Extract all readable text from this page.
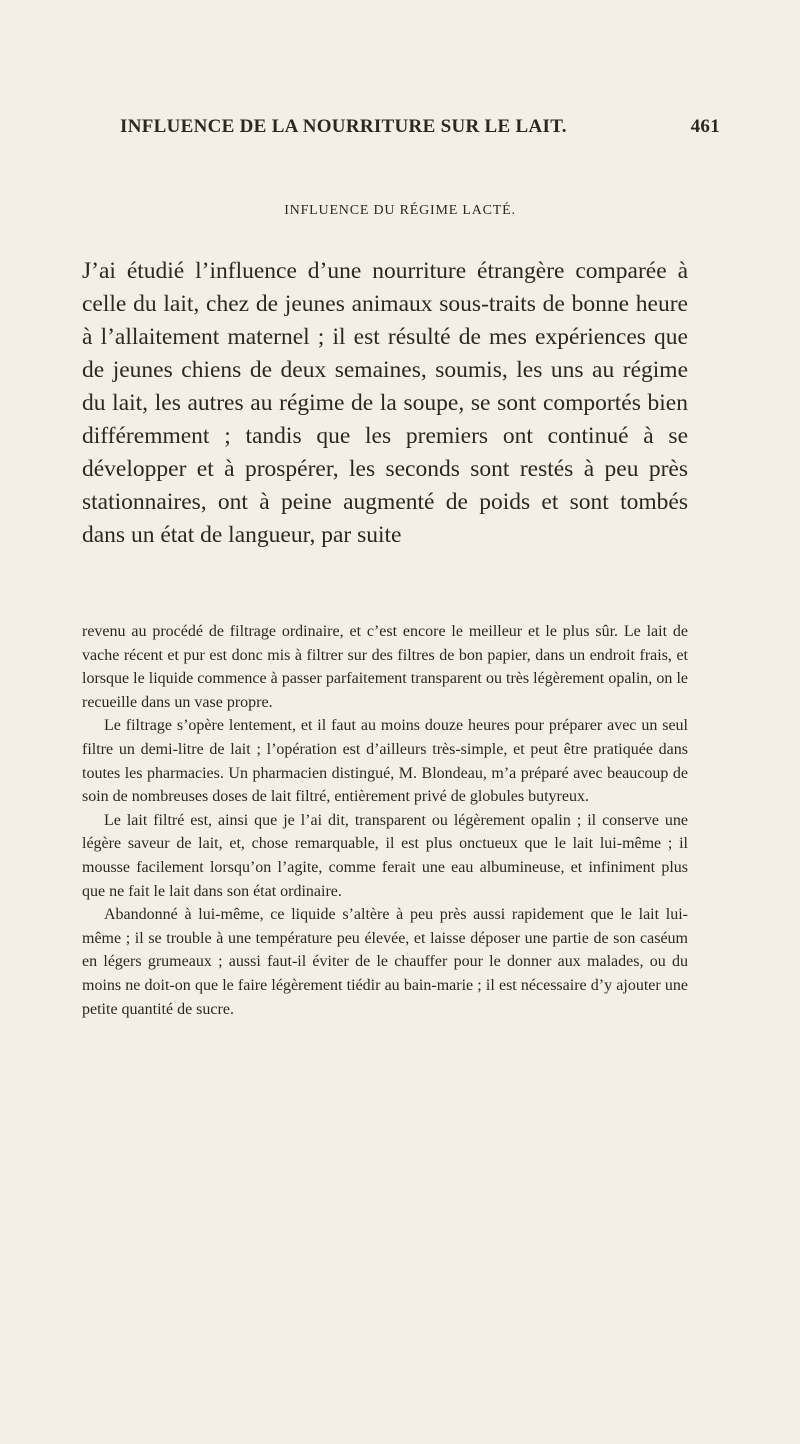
INFLUENCE DE LA NOURRITURE SUR LE LAIT.	461
INFLUENCE DU RÉGIME LACTÉ.

J’ai étudié l’influence d’une nourriture étrangère comparée à celle du lait, chez de jeunes animaux sous-traits de bonne heure à l’allaitement maternel ; il est résulté de mes expériences que de jeunes chiens de deux semaines, soumis, les uns au régime du lait, les autres au régime de la soupe, se sont comportés bien différemment ; tandis que les premiers ont continué à se développer et à prospérer, les seconds sont restés à peu près stationnaires, ont à peine augmenté de poids et sont tombés dans un état de langueur, par suite

revenu au procédé de filtrage ordinaire, et c’est encore le meilleur et le plus sûr. Le lait de vache récent et pur est donc mis à filtrer sur des filtres de bon papier, dans un endroit frais, et lorsque le liquide commence à passer parfaitement transparent ou très légèrement opalin, on le recueille dans un vase propre.

Le filtrage s’opère lentement, et il faut au moins douze heures pour préparer avec un seul filtre un demi-litre de lait ; l’opération est d’ailleurs très-simple, et peut être pratiquée dans toutes les pharmacies. Un pharmacien distingué, M. Blondeau, m’a préparé avec beaucoup de soin de nombreuses doses de lait filtré, entièrement privé de globules butyreux.

Le lait filtré est, ainsi que je l’ai dit, transparent ou légèrement opalin ; il conserve une légère saveur de lait, et, chose remarquable, il est plus onctueux que le lait lui-même ; il mousse facilement lorsqu’on l’agite, comme ferait une eau albumineuse, et infiniment plus que ne fait le lait dans son état ordinaire.

Abandonné à lui-même, ce liquide s’altère à peu près aussi rapidement que le lait lui-même ; il se trouble à une température peu élevée, et laisse déposer une partie de son caséum en légers grumeaux ; aussi faut-il éviter de le chauffer pour le donner aux malades, ou du moins ne doit-on que le faire légèrement tiédir au bain-marie ; il est nécessaire d’y ajouter une petite quantité de sucre.
